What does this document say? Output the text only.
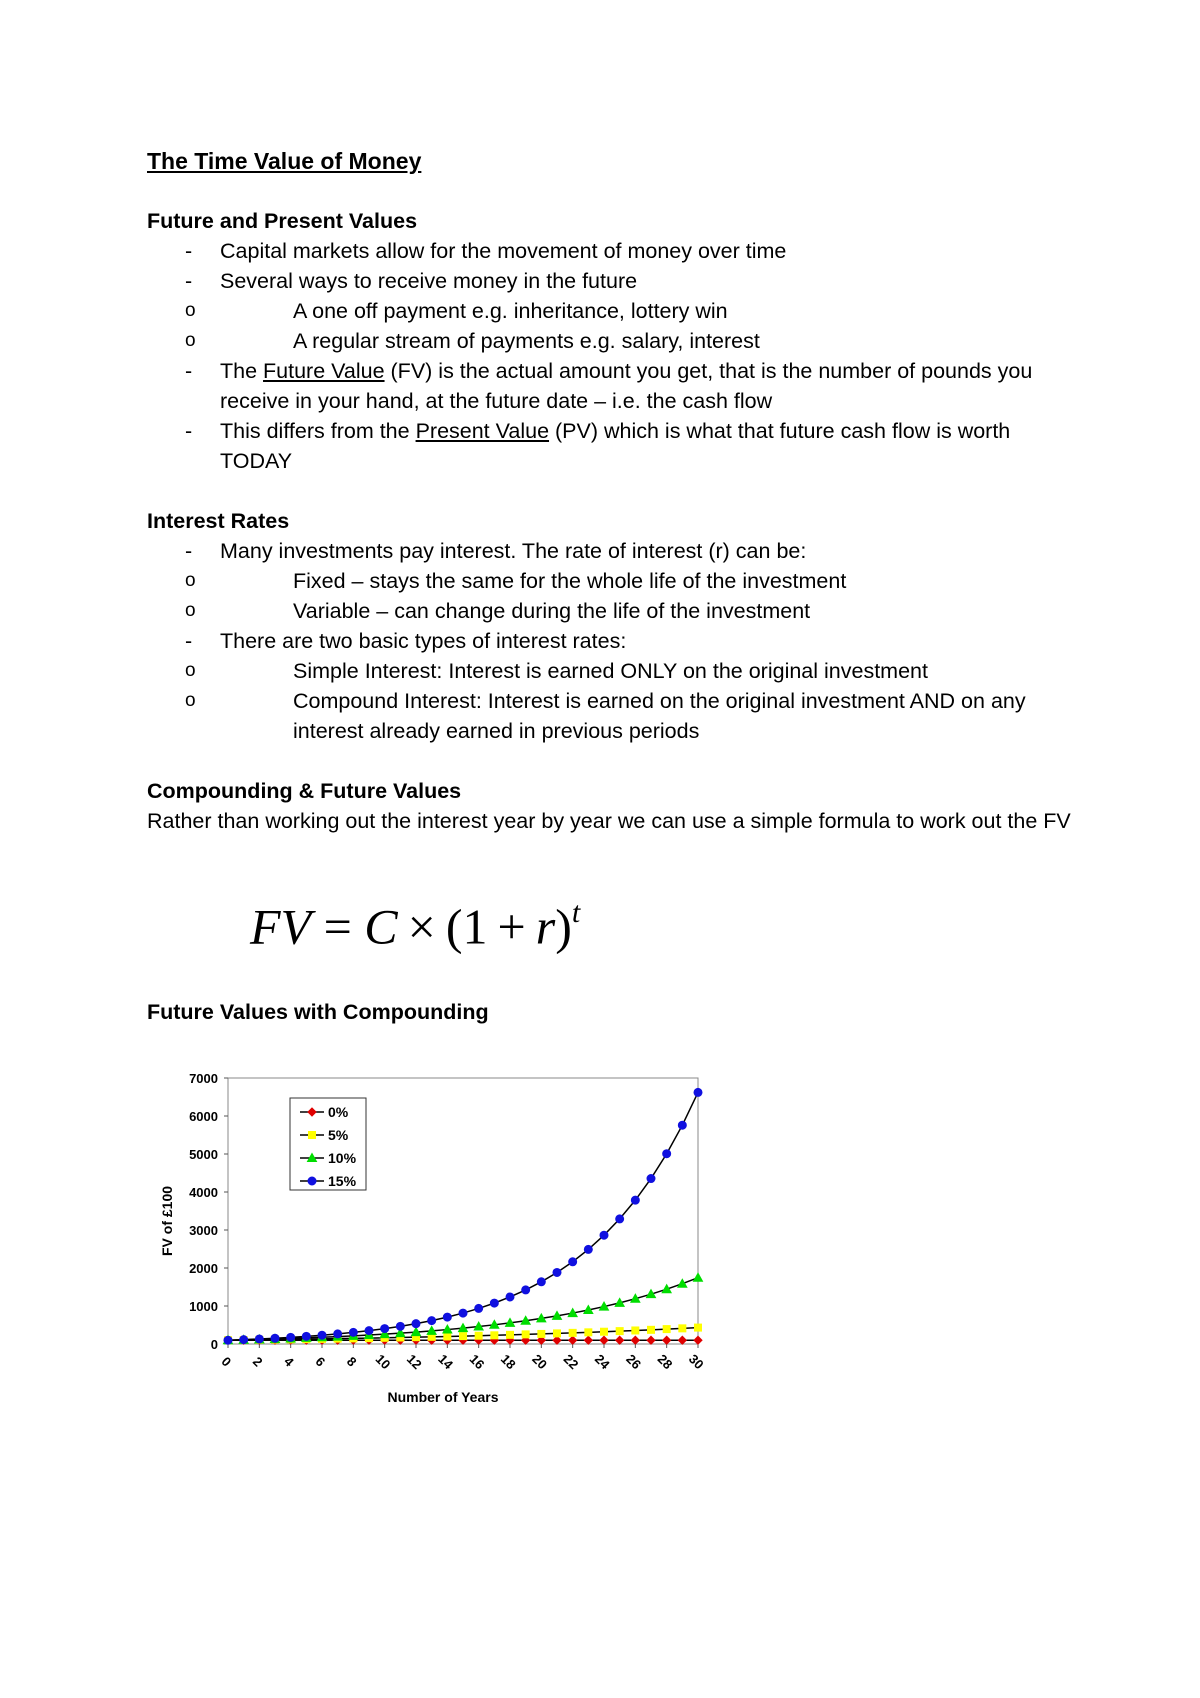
The Time Value of Money
Future and Present Values
- Capital markets allow for the movement of money over time
- Several ways to receive money in the future
o A one off payment e.g. inheritance, lottery win
o A regular stream of payments e.g. salary, interest
- The Future Value (FV) is the actual amount you get, that is the number of pounds you receive in your hand, at the future date – i.e. the cash flow
- This differs from the Present Value (PV) which is what that future cash flow is worth TODAY
Interest Rates
- Many investments pay interest. The rate of interest (r) can be:
o Fixed – stays the same for the whole life of the investment
o Variable – can change during the life of the investment
- There are two basic types of interest rates:
o Simple Interest: Interest is earned ONLY on the original investment
o Compound Interest: Interest is earned on the original investment AND on any interest already earned in previous periods
Compounding & Future Values
Rather than working out the interest year by year we can use a simple formula to work out the FV
FV = $C \times (1 + r)^t$
Future Values with Compounding
0
1000
2000
3000
4000
5000
6000
7000
0 2 4 6 8 10 12 14 16 18 20 22 24 26 28 30
Number of Years
FV of £100
0%
5%
10%
15%
